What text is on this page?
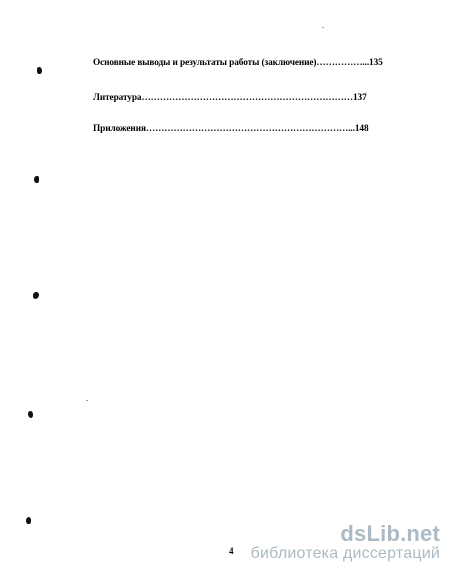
Основные выводы и результаты работы (заключение)……………...135
Литература……………………………………………………………137
Приложения…………………………………………………………...148
4
dsLib.net
библиотека диссертаций
